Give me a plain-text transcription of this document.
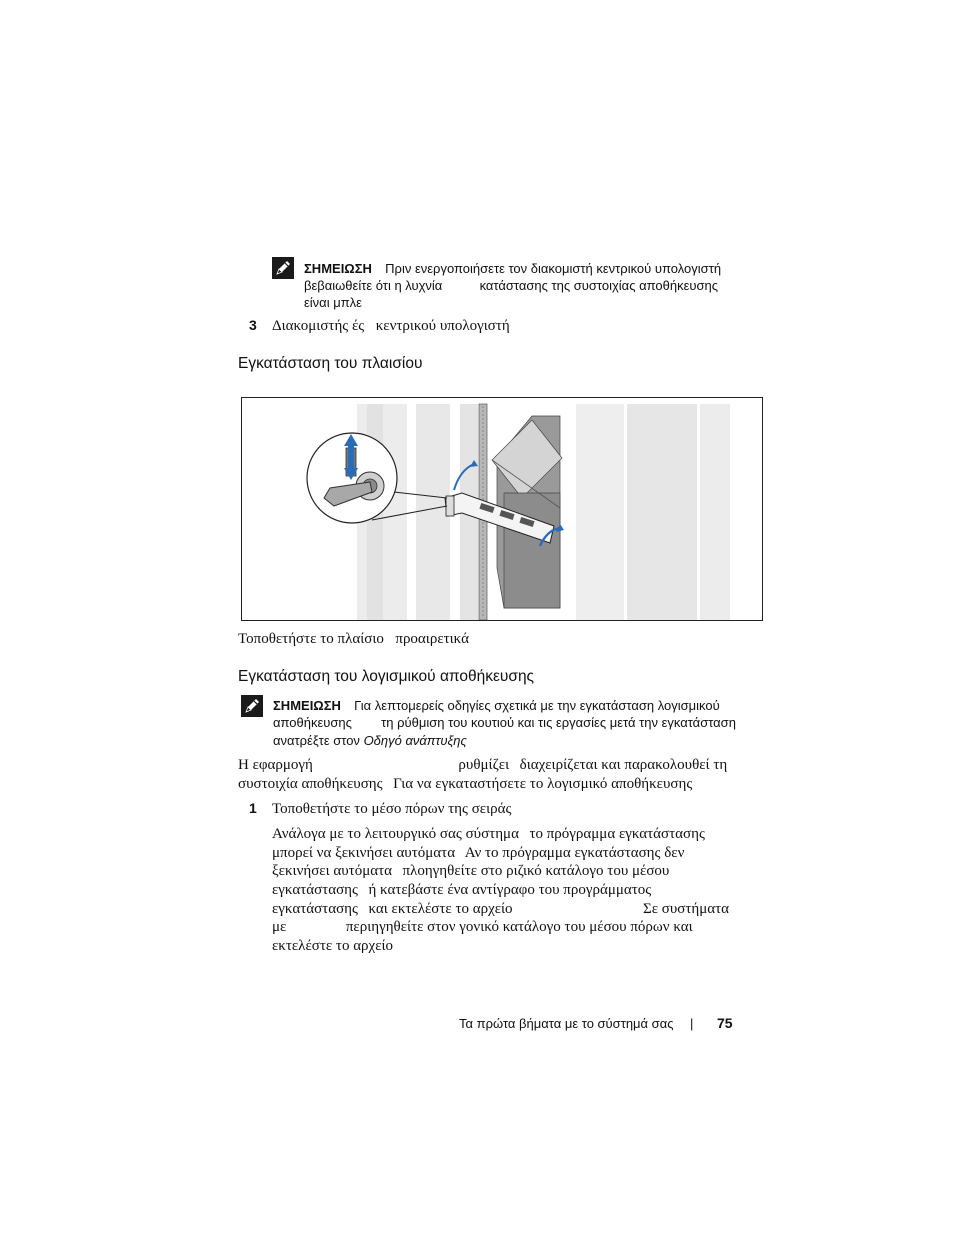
ΣΗΜΕΙΩΣΗ Πριν ενεργοποιήσετε τον διακομιστή κεντρικού υπολογιστή
βεβαιωθείτε ότι η λυχνία	κατάστασης της συστοιχίας αποθήκευσης
είναι μπλε
3 Διακομιστής ές κεντρικού υπολογιστή
Εγκατάσταση του πλαισίου
Τοποθετήστε το πλαίσιο προαιρετικά
Εγκατάσταση του λογισμικού αποθήκευσης
ΣΗΜΕΙΩΣΗ Για λεπτομερείς οδηγίες σχετικά με την εγκατάσταση λογισμικού
αποθήκευσης τη ρύθμιση του κουτιού και τις εργασίες μετά την εγκατάσταση
ανατρέξτε στον Οδηγό ανάπτυξης
Η εφαρμογή	ρυθμίζει διαχειρίζεται και παρακολουθεί τη
συστοιχία αποθήκευσης Για να εγκαταστήσετε το λογισμικό αποθήκευσης
1 Τοποθετήστε το μέσο πόρων της σειράς
Ανάλογα με το λειτουργικό σας σύστημα το πρόγραμμα εγκατάστασης
μπορεί να ξεκινήσει αυτόματα Αν το πρόγραμμα εγκατάστασης δεν
ξεκινήσει αυτόματα πλοηγηθείτε στο ριζικό κατάλογο του μέσου
εγκατάστασης ή κατεβάστε ένα αντίγραφο του προγράμματος
εγκατάστασης και εκτελέστε το αρχείο	Σε συστήματα
με	περιηγηθείτε στον γονικό κατάλογο του μέσου πόρων και
εκτελέστε το αρχείο
Τα πρώτα βήματα με το σύστημά σας | 75
